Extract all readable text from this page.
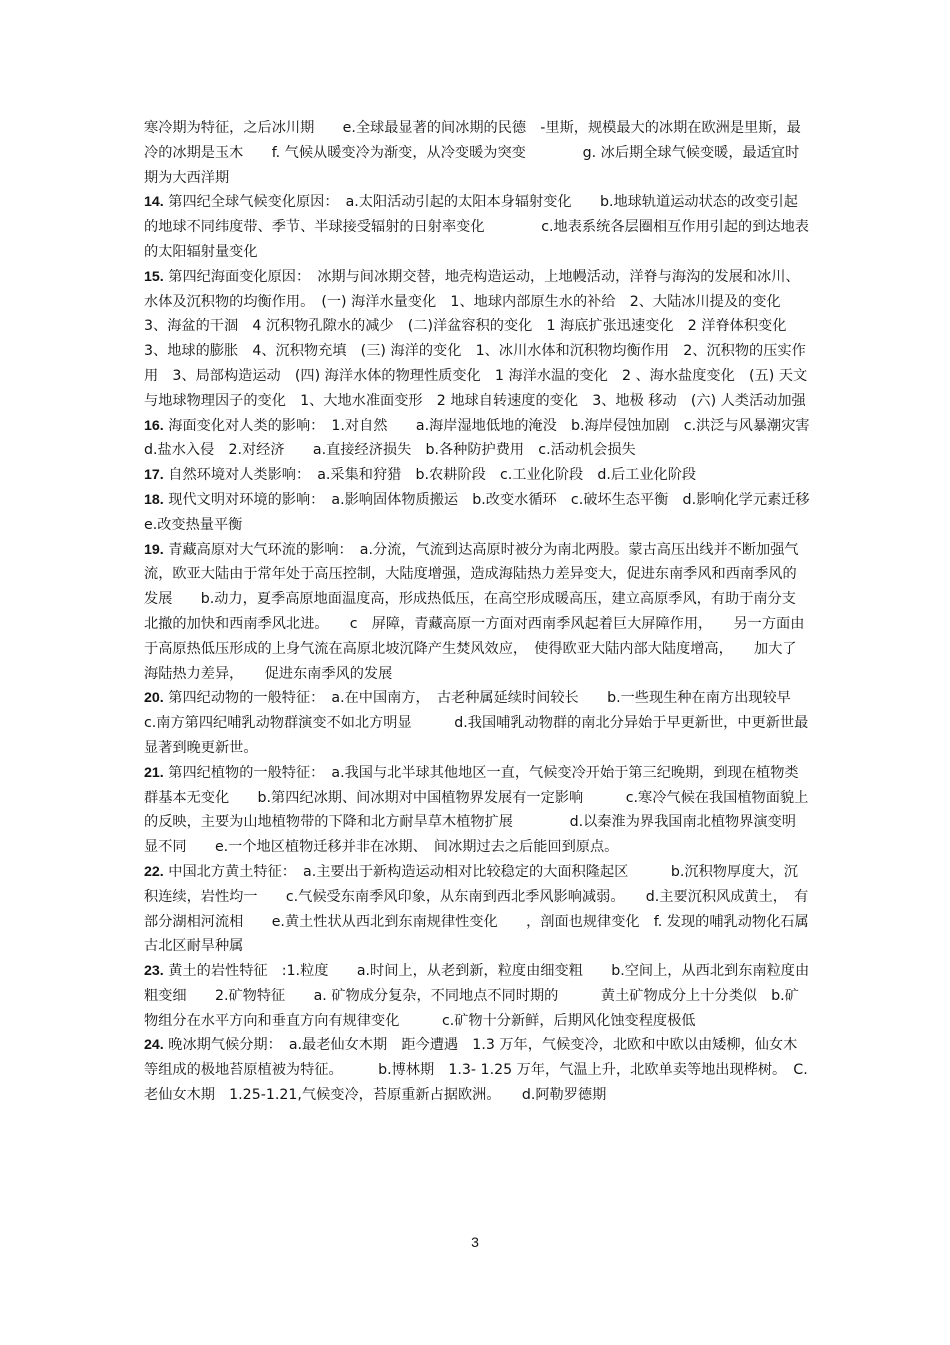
寒冷期为特征，之后冰川期　　e.全球最显著的间冰期的民德　-里斯，规模最大的冰期在欧洲是里斯，最冷的冰期是玉木　　f. 气候从暖变冷为渐变，从冷变暖为突变　　　　g. 冰后期全球气候变暖，最适宜时期为大西洋期

14. 第四纪全球气候变化原因：　a.太阳活动引起的太阳本身辐射变化　　b.地球轨道运动状态的改变引起的地球不同纬度带、季节、半球接受辐射的日射率变化　　　　c.地表系统各层圈相互作用引起的到达地表的太阳辐射量变化

15. 第四纪海面变化原因：　冰期与间冰期交替，地壳构造运动，上地幔活动，洋脊与海沟的发展和冰川、水体及沉积物的均衡作用。　(一) 海洋水量变化　1、地球内部原生水的补给　2、大陆冰川提及的变化　3、海盆的干涸　4 沉积物孔隙水的减少　(二)洋盆容积的变化　1 海底扩张迅速变化　2 洋脊体积变化　3、地球的膨胀　4、沉积物充填　(三) 海洋的变化　1、冰川水体和沉积物均衡作用　2、沉积物的压实作用　3、局部构造运动　(四) 海洋水体的物理性质变化　1 海洋水温的变化　2 、海水盐度变化　(五) 天文与地球物理因子的变化　1、大地水准面变形　2 地球自转速度的变化　3、地极 移动　(六) 人类活动加强

16. 海面变化对人类的影响：　1.对自然　　a.海岸湿地低地的淹没　b.海岸侵蚀加剧　c.洪泛与风暴潮灾害　d.盐水入侵　2.对经济　　a.直接经济损失　b.各种防护费用　c.活动机会损失

17. 自然环境对人类影响：　a.采集和狩猎　b.农耕阶段　c.工业化阶段　d.后工业化阶段

18. 现代文明对环境的影响：　a.影响固体物质搬运　b.改变水循环　c.破坏生态平衡　d.影响化学元素迁移　e.改变热量平衡

19. 青藏高原对大气环流的影响：　a.分流，气流到达高原时被分为南北两股。蒙古高压出线并不断加强气流，欧亚大陆由于常年处于高压控制，大陆度增强，造成海陆热力差异变大，促进东南季风和西南季风的发展　　b.动力，夏季高原地面温度高，形成热低压，在高空形成暖高压，建立高原季风，有助于南分支北撤的加快和西南季风北进。　　c　屏障，青藏高原一方面对西南季风起着巨大屏障作用，　　另一方面由于高原热低压形成的上身气流在高原北坡沉降产生焚风效应，　使得欧亚大陆内部大陆度增高，　　加大了海陆热力差异，　　促进东南季风的发展

20. 第四纪动物的一般特征：　a.在中国南方，　古老种属延续时间较长　　b.一些现生种在南方出现较早　　c.南方第四纪哺乳动物群演变不如北方明显　　　d.我国哺乳动物群的南北分异始于早更新世，中更新世最显著到晚更新世。

21. 第四纪植物的一般特征：　a.我国与北半球其他地区一直，气候变冷开始于第三纪晚期，到现在植物类群基本无变化　　b.第四纪冰期、间冰期对中国植物界发展有一定影响　　　c.寒冷气候在我国植物面貌上的反映，主要为山地植物带的下降和北方耐旱草木植物扩展　　　　d.以秦淮为界我国南北植物界演变明显不同　　e.一个地区植物迁移并非在冰期、　间冰期过去之后能回到原点。

22. 中国北方黄土特征：　a.主要出于新构造运动相对比较稳定的大面积隆起区　　　b.沉积物厚度大，沉积连续，岩性均一　　c.气候受东南季风印象，从东南到西北季风影响减弱。　　d.主要沉积风成黄土，　有部分湖相河流相　　e.黄土性状从西北到东南规律性变化　　，剖面也规律变化　f. 发现的哺乳动物化石属古北区耐旱种属

23. 黄土的岩性特征　:1.粒度　　a.时间上，从老到新，粒度由细变粗　　b.空间上，从西北到东南粒度由粗变细　　2.矿物特征　　a. 矿物成分复杂，不同地点不同时期的　　　黄土矿物成分上十分类似　b.矿物组分在水平方向和垂直方向有规律变化　　　c.矿物十分新鲜，后期风化蚀变程度极低

24. 晚冰期气候分期：　a.最老仙女木期　距今遭遇　1.3 万年，气候变冷，北欧和中欧以由矮柳，仙女木等组成的极地苔原植被为特征。　　　b.博林期　1.3- 1.25 万年，气温上升，北欧单卖等地出现桦树。　C.老仙女木期　1.25-1.21,气候变冷，苔原重新占据欧洲。　　d.阿勒罗德期

3
